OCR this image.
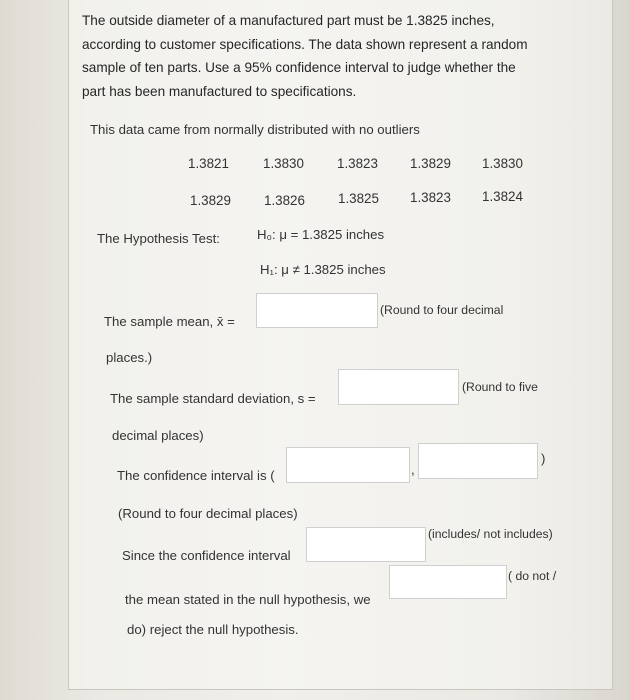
The outside diameter of a manufactured part must be 1.3825 inches, according to customer specifications. The data shown represent a random sample of ten parts. Use a 95% confidence interval to judge whether the part has been manufactured to specifications.
This data came from normally distributed with no outliers
1.3821	1.3830 1.3823 1.3829 1.3830
1.3829 1.3826 1.3825 1.3823 1.3824
The Hypothesis Test:	H₀: μ = 1.3825 inches
H₁: μ ≠ 1.3825 inches
The sample mean, x̄ =
(Round to four decimal
places.)
The sample standard deviation, s =
(Round to five
decimal places)
The confidence interval is (	,
)
(Round to four decimal places)
Since the confidence interval
(includes/ not includes)
the mean stated in the null hypothesis, we
( do not /
do) reject the null hypothesis.
